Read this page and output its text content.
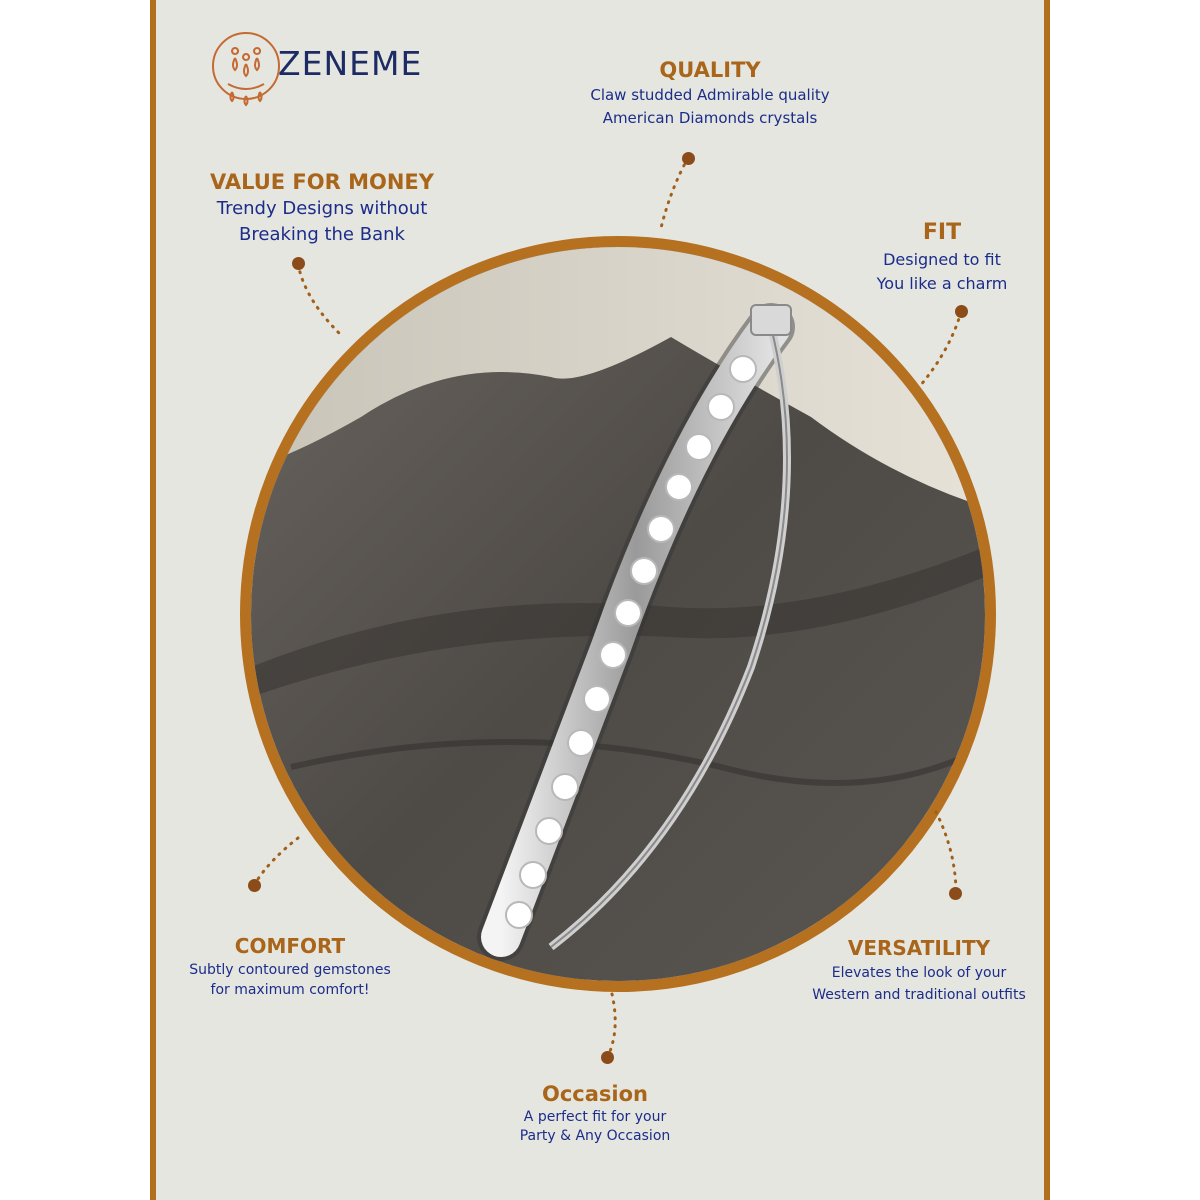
ZENEME	QUALITY
Claw studded Admirable quality
American Diamonds crystals
VALUE FOR MONEY
Trendy Designs without
Breaking the Bank	FIT
Designed to fit
You like a charm
COMFORT
Subtly contoured gemstones
for maximum comfort!
VERSATILITY
Elevates the look of your
Western and traditional outfits
Occasion
A perfect fit for your
Party & Any Occasion
